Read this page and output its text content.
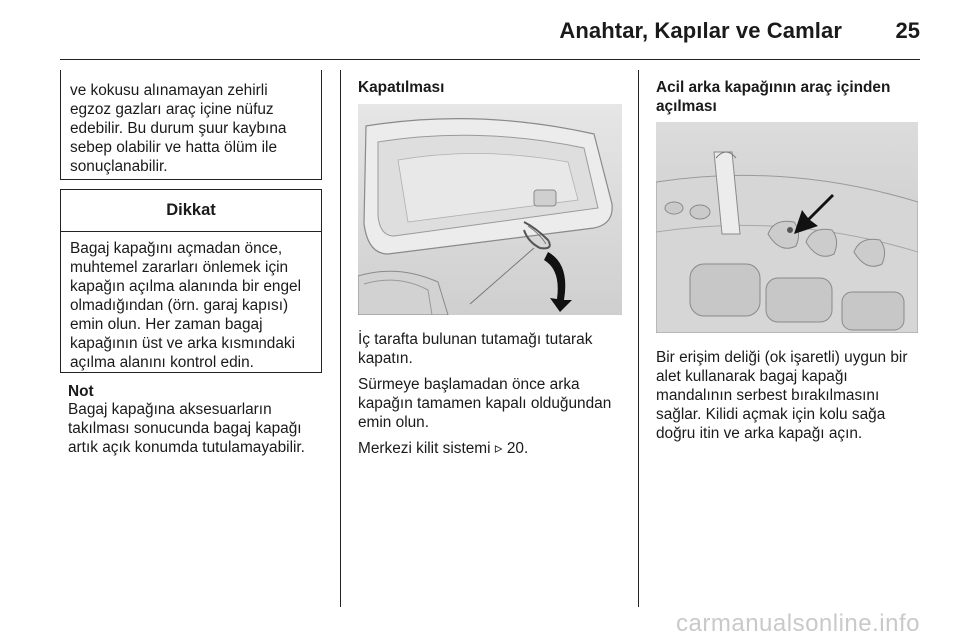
Anahtar, Kapılar ve Camlar 25

ve kokusu alınamayan zehirli

egzoz gazları araç içine nüfuz

edebilir. Bu durum şuur kaybına

sebep olabilir ve hatta ölüm ile

sonuçlanabilir.

Dikkat

Bagaj kapağını açmadan önce,

muhtemel zararları önlemek için

kapağın açılma alanında bir engel

olmadığından (örn. garaj kapısı)

emin olun. Her zaman bagaj

kapağının üst ve arka kısmındaki

açılma alanını kontrol edin.

Not

Bagaj kapağına aksesuarların

takılması sonucunda bagaj kapağı

artık açık konumda tutulamayabilir.

Kapatılması

İç tarafta bulunan tutamağı tutarak

kapatın.

Sürmeye başlamadan önce arka

kapağın tamamen kapalı olduğundan

emin olun.

Merkezi kilit sistemi ▹ 20.

Acil arka kapağının araç içinden

açılması

Bir erişim deliği (ok işaretli) uygun bir

alet kullanarak bagaj kapağı

mandalının serbest bırakılmasını

sağlar. Kilidi açmak için kolu sağa

doğru itin ve arka kapağı açın.

carmanualsonline.info
